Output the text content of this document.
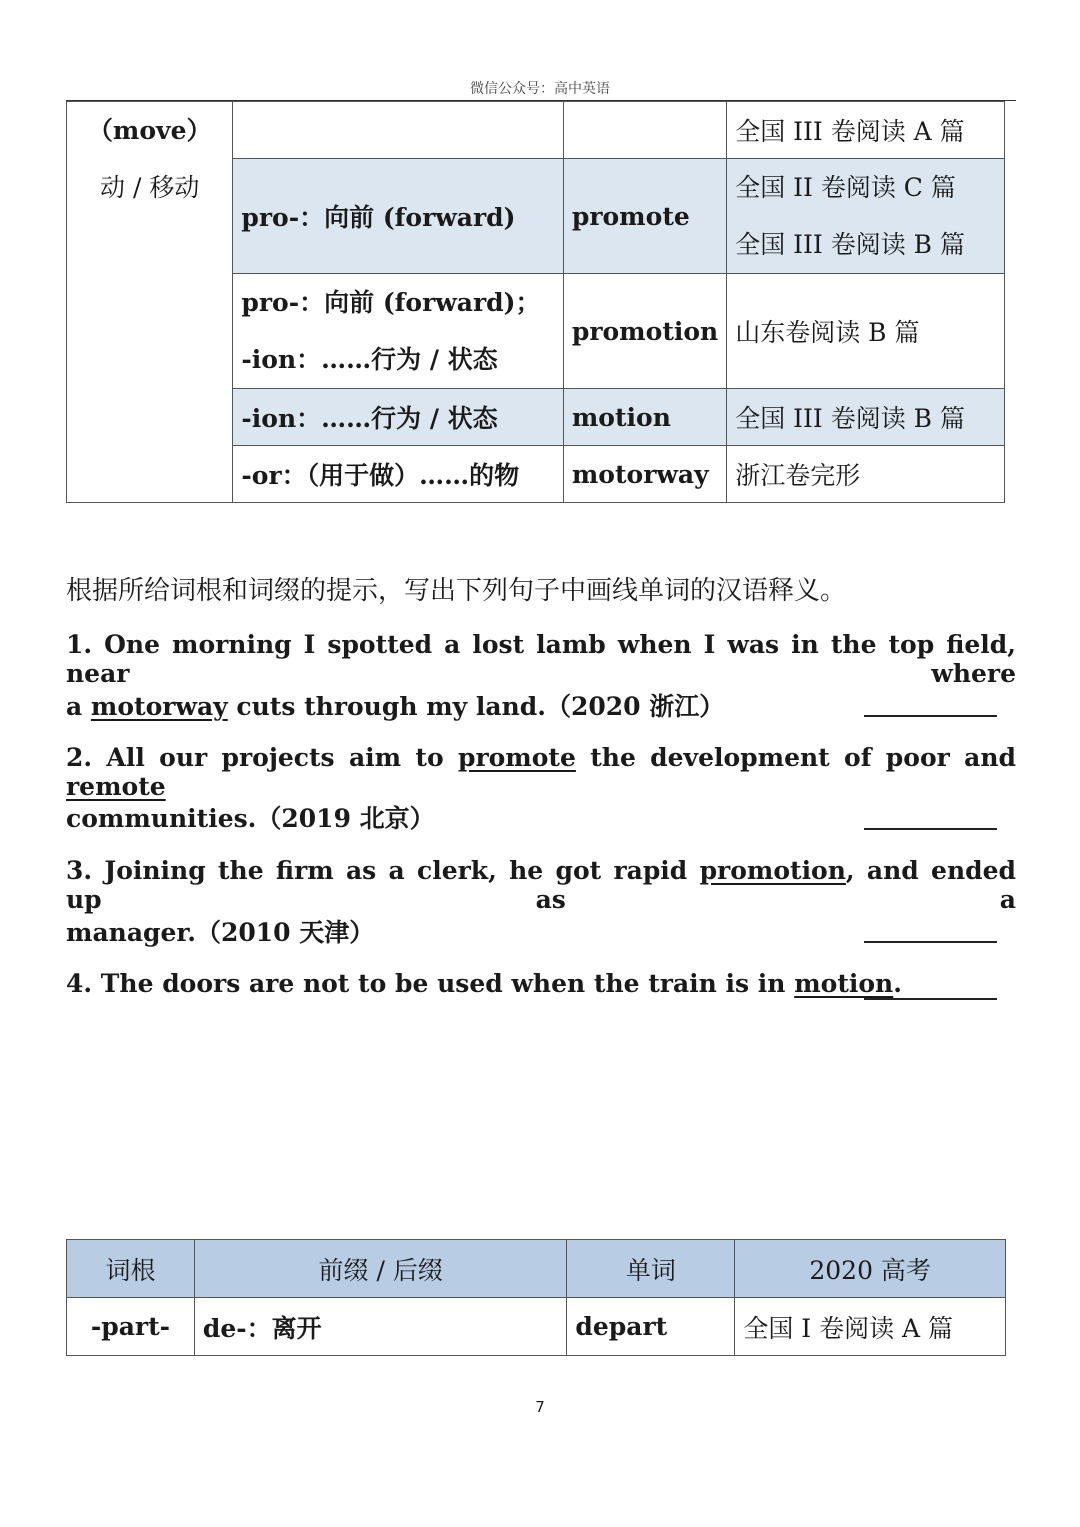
微信公众号：高中英语
（move）
动 / 移动			全国 III 卷阅读 A 篇
	pro-：向前 (forward)	promote	全国 II 卷阅读 C 篇
全国 III 卷阅读 B 篇

	pro-：向前 (forward)；
-ion：……行为 / 状态	promotion	山东卷阅读 B 篇
	-ion：……行为 / 状态	motion	全国 III 卷阅读 B 篇
	-or：（用于做）……的物	motorway	浙江卷完形
根据所给词根和词缀的提示，写出下列句子中画线单词的汉语释义。
1. One morning I spotted a lost lamb when I was in the top field, near where
a motorway cuts through my land.（2020 浙江）
2. All our projects aim to promote the development of poor and remote
communities.（2019 北京）
3. Joining the firm as a clerk, he got rapid promotion, and ended up as a
manager.（2010 天津）
4. The doors are not to be used when the train is in motion.
词根	前缀 / 后缀	单词	2020 高考
-part-	de-：离开	depart	全国 I 卷阅读 A 篇
7
